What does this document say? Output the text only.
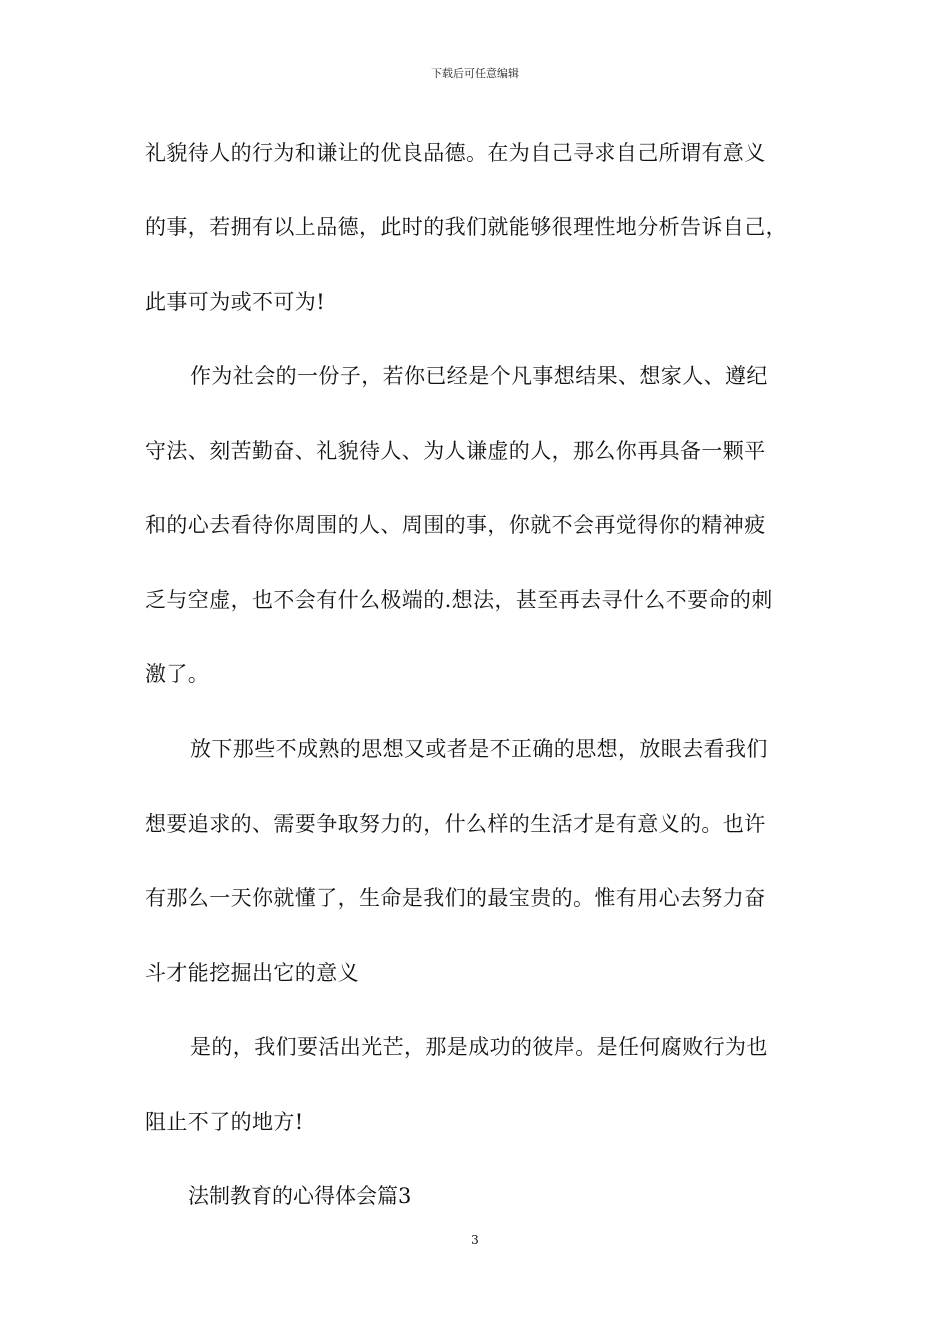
下载后可任意编辑
礼貌待人的行为和谦让的优良品德。在为自己寻求自己所谓有意义
的事，若拥有以上品德，此时的我们就能够很理性地分析告诉自己，
此事可为或不可为!
作为社会的一份子，若你已经是个凡事想结果、想家人、遵纪
守法、刻苦勤奋、礼貌待人、为人谦虚的人，那么你再具备一颗平
和的心去看待你周围的人、周围的事，你就不会再觉得你的精神疲
乏与空虚，也不会有什么极端的.想法，甚至再去寻什么不要命的刺
激了。
放下那些不成熟的思想又或者是不正确的思想，放眼去看我们
想要追求的、需要争取努力的，什么样的生活才是有意义的。也许
有那么一天你就懂了，生命是我们的最宝贵的。惟有用心去努力奋
斗才能挖掘出它的意义
是的，我们要活出光芒，那是成功的彼岸。是任何腐败行为也
阻止不了的地方!
法制教育的心得体会篇3
3
